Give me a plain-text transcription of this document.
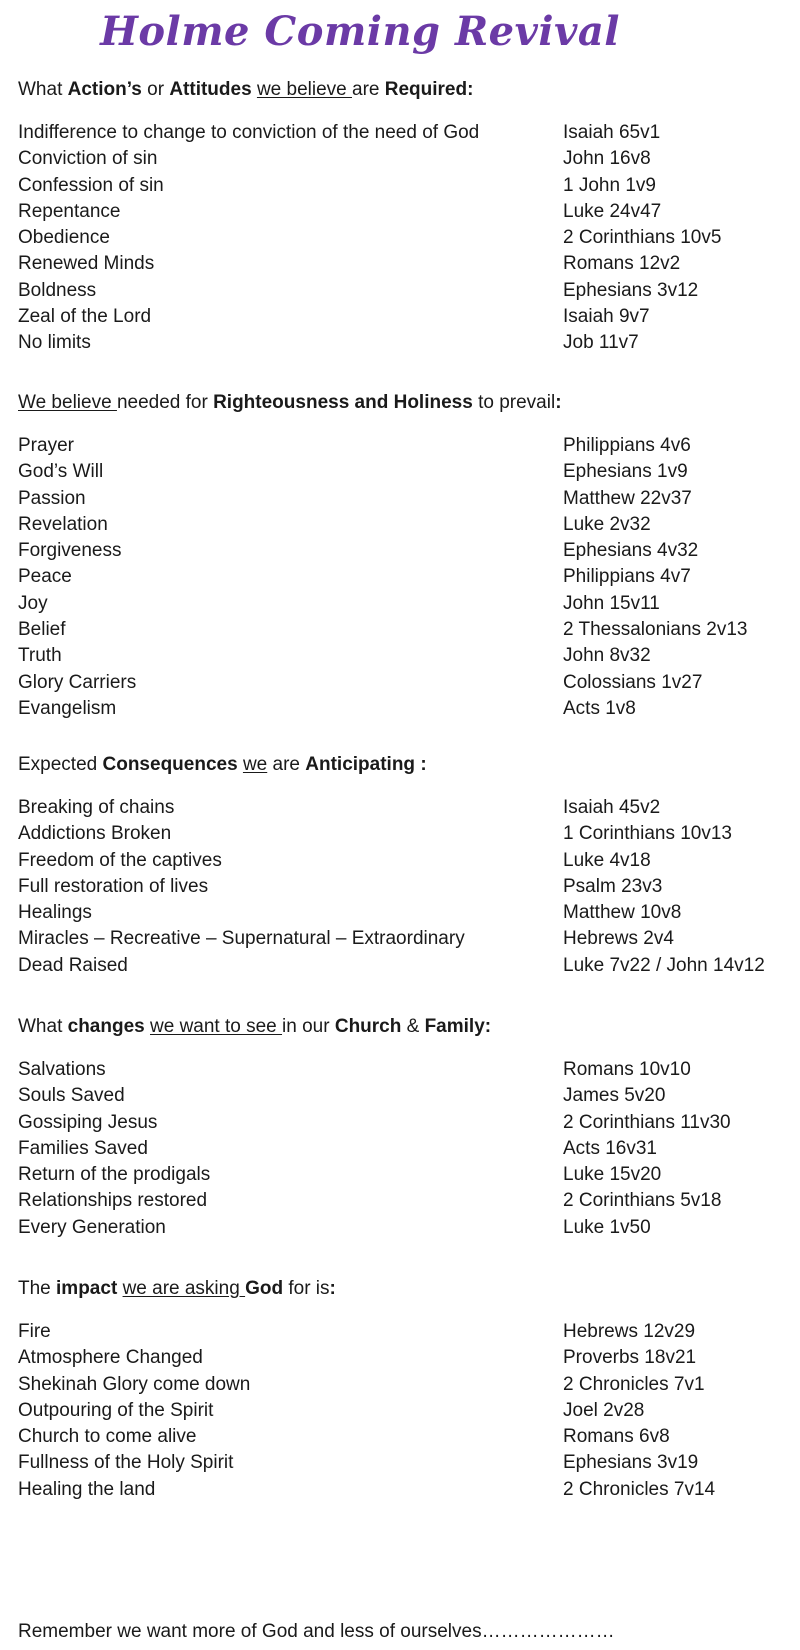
Holme Coming Revival
What Action’s or Attitudes we believe are Required:
Indifference to change to conviction of the need of God	Isaiah 65v1
Conviction of sin	John 16v8
Confession of sin	1 John 1v9
Repentance	Luke 24v47
Obedience	2 Corinthians 10v5
Renewed Minds	Romans 12v2
Boldness	Ephesians 3v12
Zeal of the Lord	Isaiah 9v7
No limits	Job 11v7
We believe needed for Righteousness and Holiness to prevail:
Prayer	Philippians 4v6
God’s Will	Ephesians 1v9
Passion	Matthew 22v37
Revelation	Luke 2v32
Forgiveness	Ephesians 4v32
Peace	Philippians 4v7
Joy	John 15v11
Belief	2 Thessalonians 2v13
Truth	John 8v32
Glory Carriers	Colossians 1v27
Evangelism	Acts 1v8
Expected Consequences we are Anticipating :
Breaking of chains	Isaiah 45v2
Addictions Broken	1 Corinthians 10v13
Freedom of the captives	Luke 4v18
Full restoration of lives	Psalm 23v3
Healings	Matthew 10v8
Miracles – Recreative – Supernatural – Extraordinary	Hebrews 2v4
Dead Raised	Luke 7v22 / John 14v12
What changes we want to see in our Church & Family:
Salvations	Romans 10v10
Souls Saved	James 5v20
Gossiping Jesus	2 Corinthians 11v30
Families Saved	Acts 16v31
Return of the prodigals	Luke 15v20
Relationships restored	2 Corinthians 5v18
Every Generation	Luke 1v50
The impact we are asking God for is:
Fire	Hebrews 12v29
Atmosphere Changed	Proverbs 18v21
Shekinah Glory come down	2 Chronicles 7v1
Outpouring of the Spirit	Joel 2v28
Church to come alive	Romans 6v8
Fullness of the Holy Spirit	Ephesians 3v19
Healing the land	2 Chronicles 7v14
Remember we want more of God and less of ourselves…………………
